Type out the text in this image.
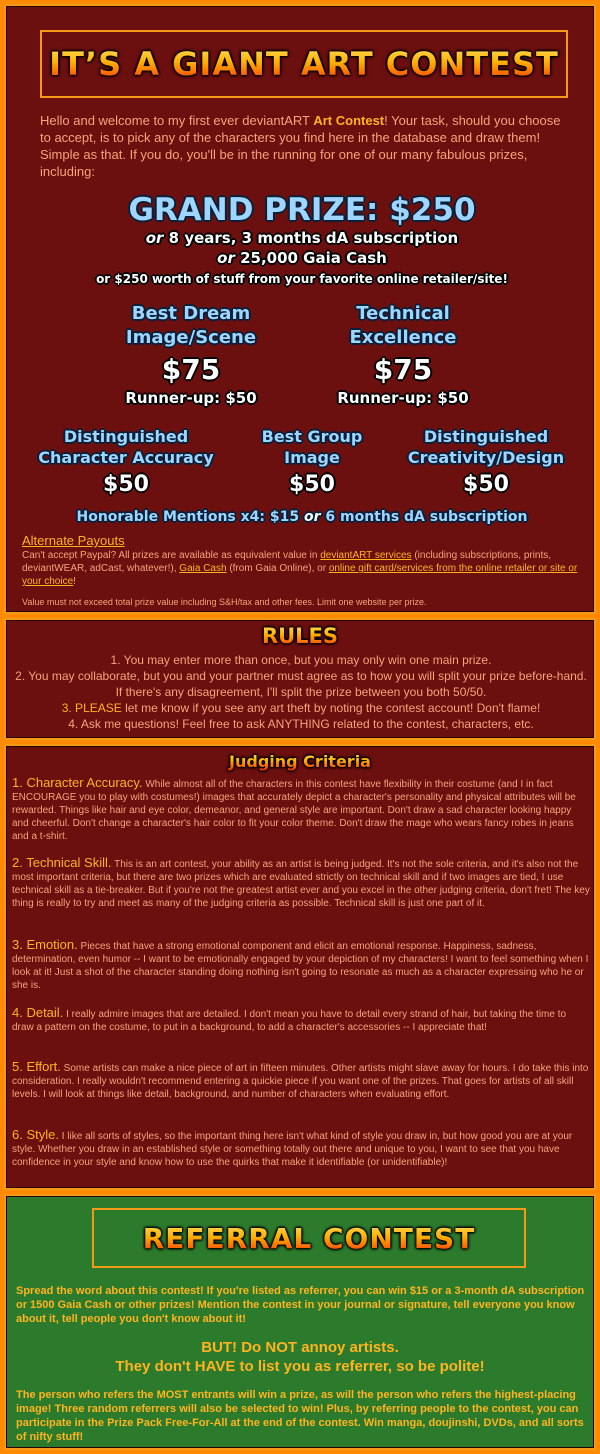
IT’S A GIANT ART CONTEST
Hello and welcome to my first ever deviantART Art Contest! Your task, should you choose to accept, is to pick any of the characters you find here in the database and draw them! Simple as that. If you do, you'll be in the running for one of our many fabulous prizes, including:
GRAND PRIZE: $250
or 8 years, 3 months dA subscription
or 25,000 Gaia Cash
or $250 worth of stuff from your favorite online retailer/site!
Best Dream
Image/Scene
$75
Runner-up: $50
Technical
Excellence
$75
Runner-up: $50
Distinguished
Character Accuracy
$50
Best Group
Image
$50
Distinguished
Creativity/Design
$50
Honorable Mentions x4: $15 or 6 months dA subscription
Alternate Payouts
Can't accept Paypal? All prizes are available as equivalent value in deviantART services (including subscriptions, prints, deviantWEAR, adCast, whatever!), Gaia Cash (from Gaia Online), or online gift card/services from the online retailer or site or your choice!
Value must not exceed total prize value including S&H/tax and other fees. Limit one website per prize.
RULES
1. You may enter more than once, but you may only win one main prize.
2. You may collaborate, but you and your partner must agree as to how you will split your prize before-hand. If there's any disagreement, I'll split the prize between you both 50/50.
3. PLEASE let me know if you see any art theft by noting the contest account! Don't flame!
4. Ask me questions! Feel free to ask ANYTHING related to the contest, characters, etc.
Judging Criteria
1. Character Accuracy. While almost all of the characters in this contest have flexibility in their costume (and I in fact ENCOURAGE you to play with costumes!) images that accurately depict a character's personality and physical attributes will be rewarded. Things like hair and eye color, demeanor, and general style are important. Don't draw a sad character looking happy and cheerful. Don't change a character's hair color to fit your color theme. Don't draw the mage who wears fancy robes in jeans and a t-shirt.
2. Technical Skill. This is an art contest, your ability as an artist is being judged. It's not the sole criteria, and it's also not the most important criteria, but there are two prizes which are evaluated strictly on technical skill and if two images are tied, I use technical skill as a tie-breaker. But if you're not the greatest artist ever and you excel in the other judging criteria, don't fret! The key thing is really to try and meet as many of the judging criteria as possible. Technical skill is just one part of it.
3. Emotion. Pieces that have a strong emotional component and elicit an emotional response. Happiness, sadness, determination, even humor -- I want to be emotionally engaged by your depiction of my characters! I want to feel something when I look at it! Just a shot of the character standing doing nothing isn't going to resonate as much as a character expressing who he or she is.
4. Detail. I really admire images that are detailed. I don't mean you have to detail every strand of hair, but taking the time to draw a pattern on the costume, to put in a background, to add a character's accessories -- I appreciate that!
5. Effort. Some artists can make a nice piece of art in fifteen minutes. Other artists might slave away for hours. I do take this into consideration. I really wouldn't recommend entering a quickie piece if you want one of the prizes. That goes for artists of all skill levels. I will look at things like detail, background, and number of characters when evaluating effort.
6. Style. I like all sorts of styles, so the important thing here isn't what kind of style you draw in, but how good you are at your style. Whether you draw in an established style or something totally out there and unique to you, I want to see that you have confidence in your style and know how to use the quirks that make it identifiable (or unidentifiable)!
REFERRAL CONTEST
Spread the word about this contest! If you're listed as referrer, you can win $15 or a 3-month dA subscription or 1500 Gaia Cash or other prizes! Mention the contest in your journal or signature, tell everyone you know about it, tell people you don't know about it!
BUT! Do NOT annoy artists.
They don't HAVE to list you as referrer, so be polite!
The person who refers the MOST entrants will win a prize, as will the person who refers the highest-placing image! Three random referrers will also be selected to win! Plus, by referring people to the contest, you can participate in the Prize Pack Free-For-All at the end of the contest. Win manga, doujinshi, DVDs, and all sorts of nifty stuff!
